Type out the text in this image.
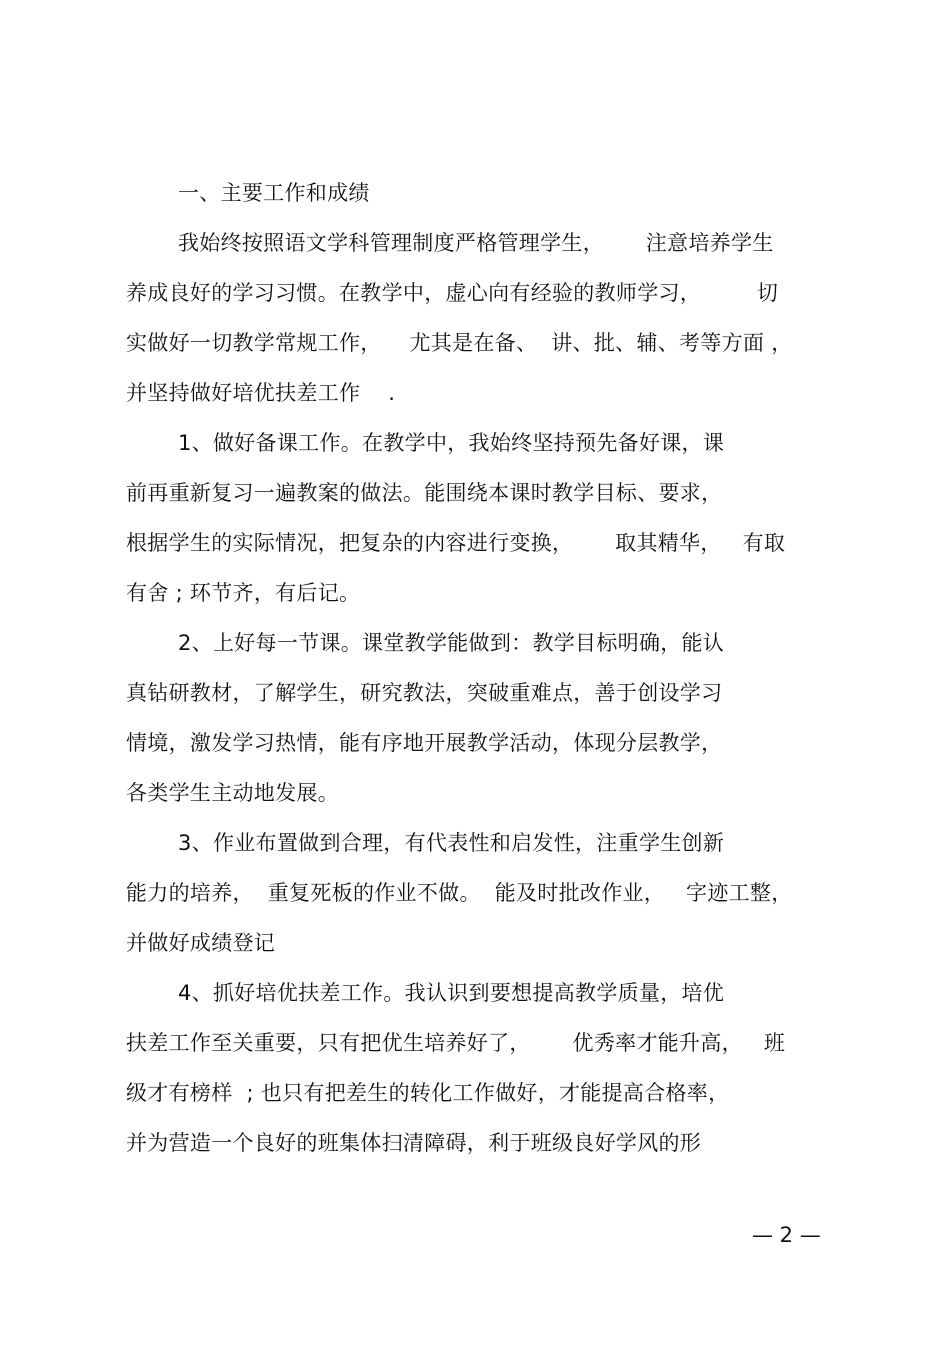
一、主要工作和成绩
我始终按照语文学科管理制度严格管理学生，      注意培养学生
养成良好的学习习惯。在教学中，虚心向有经验的教师学习，        切
实做好一切教学常规工作，    尤其是在备、  讲、批、辅、考等方面 ，
并坚持做好培优扶差工作    .
1、做好备课工作。在教学中，我始终坚持预先备好课，课
前再重新复习一遍教案的做法。能围绕本课时教学目标、要求，
根据学生的实际情况，把复杂的内容进行变换，      取其精华，   有取
有舍 ; 环节齐，有后记。
2、上好每一节课。课堂教学能做到：教学目标明确，能认
真钻研教材，了解学生，研究教法，突破重难点，善于创设学习
情境，激发学习热情，能有序地开展教学活动，体现分层教学，
各类学生主动地发展。
3、作业布置做到合理，有代表性和启发性，注重学生创新
能力的培养，  重复死板的作业不做。  能及时批改作业，   字迹工整，
并做好成绩登记
4、抓好培优扶差工作。我认识到要想提高教学质量，培优
扶差工作至关重要，只有把优生培养好了，      优秀率才能升高，   班
级才有榜样  ; 也只有把差生的转化工作做好，才能提高合格率，
并为营造一个良好的班集体扫清障碍，利于班级良好学风的形
— 2 —
